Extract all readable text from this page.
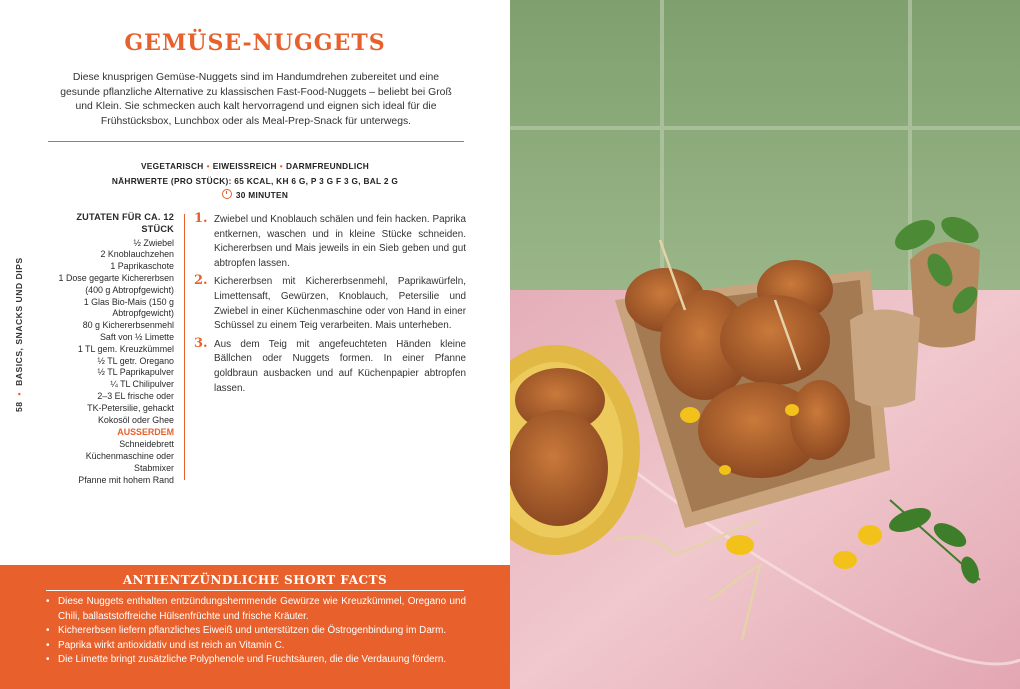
GEMÜSE-NUGGETS
Diese knusprigen Gemüse-Nuggets sind im Handumdrehen zubereitet und eine gesunde pflanzliche Alternative zu klassischen Fast-Food-Nuggets – beliebt bei Groß und Klein. Sie schmecken auch kalt hervorragend und eignen sich ideal für die Frühstücksbox, Lunchbox oder als Meal-Prep-Snack für unterwegs.
VEGETARISCH • EIWEISSREICH • DARMFREUNDLICH
NÄHRWERTE (PRO STÜCK): 65 KCAL, KH 6 G, P 3 G F 3 G, BAL 2 G
30 MINUTEN
ZUTATEN FÜR CA. 12 STÜCK
½ Zwiebel
2 Knoblauchzehen
1 Paprikaschote
1 Dose gegarte Kichererbsen
(400 g Abtropfgewicht)
1 Glas Bio-Mais (150 g
Abtropfgewicht)
80 g Kichererbsenmehl
Saft von ½ Limette
1 TL gem. Kreuzkümmel
½ TL getr. Oregano
½ TL Paprikapulver
¼ TL Chilipulver
2–3 EL frische oder
TK-Petersilie, gehackt
Kokosöl oder Ghee
AUSSERDEM
Schneidebrett
Küchenmaschine oder
Stabmixer
Pfanne mit hohem Rand
1. Zwiebel und Knoblauch schälen und fein hacken. Paprika entkernen, waschen und in kleine Stücke schneiden. Kichererbsen und Mais jeweils in ein Sieb geben und gut abtropfen lassen.
2. Kichererbsen mit Kichererbsenmehl, Paprikawürfeln, Limettensaft, Gewürzen, Knoblauch, Petersilie und Zwiebel in einer Küchenmaschine oder von Hand in einer Schüssel zu einem Teig verarbeiten. Mais unterheben.
3. Aus dem Teig mit angefeuchteten Händen kleine Bällchen oder Nuggets formen. In einer Pfanne goldbraun ausbacken und auf Küchenpapier abtropfen lassen.
58•BASICS, SNACKS UND DIPS
ANTIENTZÜNDLICHE SHORT FACTS
• Diese Nuggets enthalten entzündungshemmende Gewürze wie Kreuzkümmel, Oregano und Chili, ballaststoffreiche Hülsenfrüchte und frische Kräuter.
• Kichererbsen liefern pflanzliches Eiweiß und unterstützen die Östrogenbindung im Darm.
• Paprika wirkt antioxidativ und ist reich an Vitamin C.
• Die Limette bringt zusätzliche Polyphenole und Fruchtsäuren, die die Verdauung fördern.
